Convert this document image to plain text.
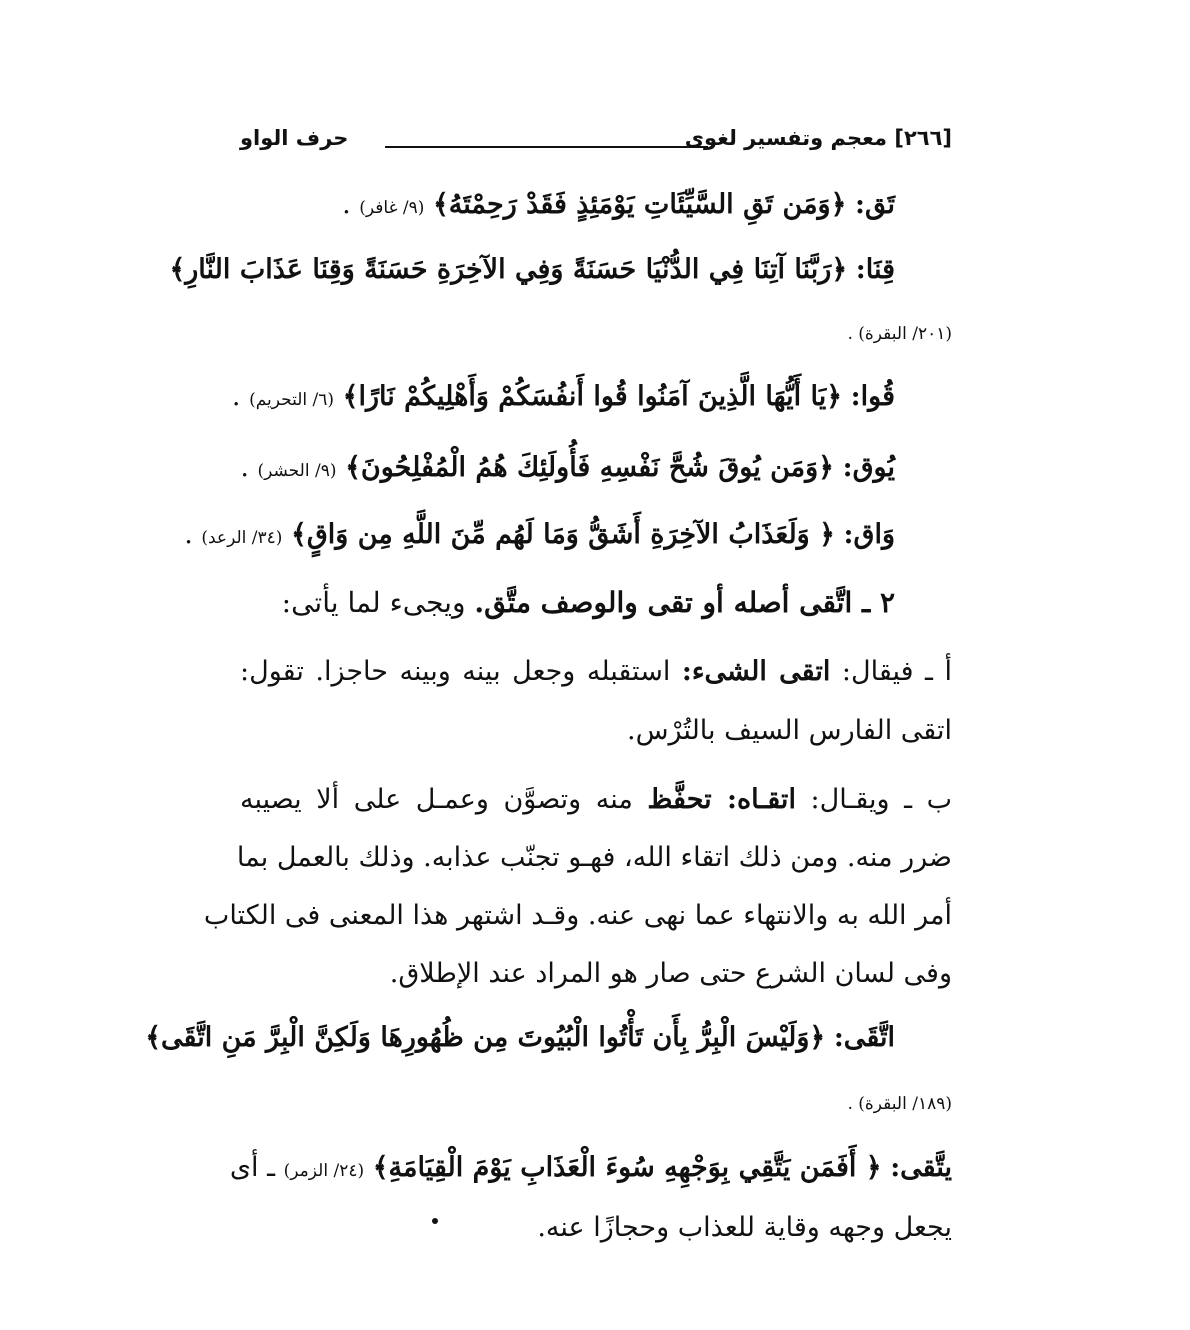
[٢٦٦] معجم وتفسير لغوى
حرف الواو
تَق: ﴿وَمَن تَقِ السَّيِّئَاتِ يَوْمَئِذٍ فَقَدْ رَحِمْتَهُ﴾ (٩/ غافر) .
قِنَا: ﴿رَبَّنَا آتِنَا فِي الدُّنْيَا حَسَنَةً وَفِي الآخِرَةِ حَسَنَةً وَقِنَا عَذَابَ النَّارِ﴾
(٢٠١/ البقرة) .
قُوا: ﴿يَا أَيُّهَا الَّذِينَ آمَنُوا قُوا أَنفُسَكُمْ وَأَهْلِيكُمْ نَارًا﴾ (٦/ التحريم) .
يُوق: ﴿وَمَن يُوقَ شُحَّ نَفْسِهِ فَأُولَئِكَ هُمُ الْمُفْلِحُونَ﴾ (٩/ الحشر) .
وَاق: ﴿ وَلَعَذَابُ الآخِرَةِ أَشَقُّ وَمَا لَهُم مِّنَ اللَّهِ مِن وَاقٍ﴾ (٣٤/ الرعد) .
٢ ـ اتَّقى أصله أو تقى والوصف متَّق. ويجىء لما يأتى:
أ ـ فيقال: اتقى الشىء: استقبله وجعل بينه وبينه حاجزا. تقول:
اتقى الفارس السيف بالتُرْس.
ب ـ ويقـال: اتقـاه: تحفَّظ منه وتصوَّن وعمـل على ألا يصيبه
ضرر منه. ومن ذلك اتقاء الله، فهـو تجنّب عذابه. وذلك بالعمل بما
أمر الله به والانتهاء عما نهى عنه. وقـد اشتهر هذا المعنى فى الكتاب
وفى لسان الشرع حتى صار هو المراد عند الإطلاق.
اتَّقَى: ﴿وَلَيْسَ الْبِرُّ بِأَن تَأْتُوا الْبُيُوتَ مِن ظُهُورِهَا وَلَكِنَّ الْبِرَّ مَنِ اتَّقَى﴾
(١٨٩/ البقرة) .
يتَّقى: ﴿ أَفَمَن يَتَّقِي بِوَجْهِهِ سُوءَ الْعَذَابِ يَوْمَ الْقِيَامَةِ﴾ (٢٤/ الزمر) ـ أى
يجعل وجهه وقاية للعذاب وحجازًا عنه.
